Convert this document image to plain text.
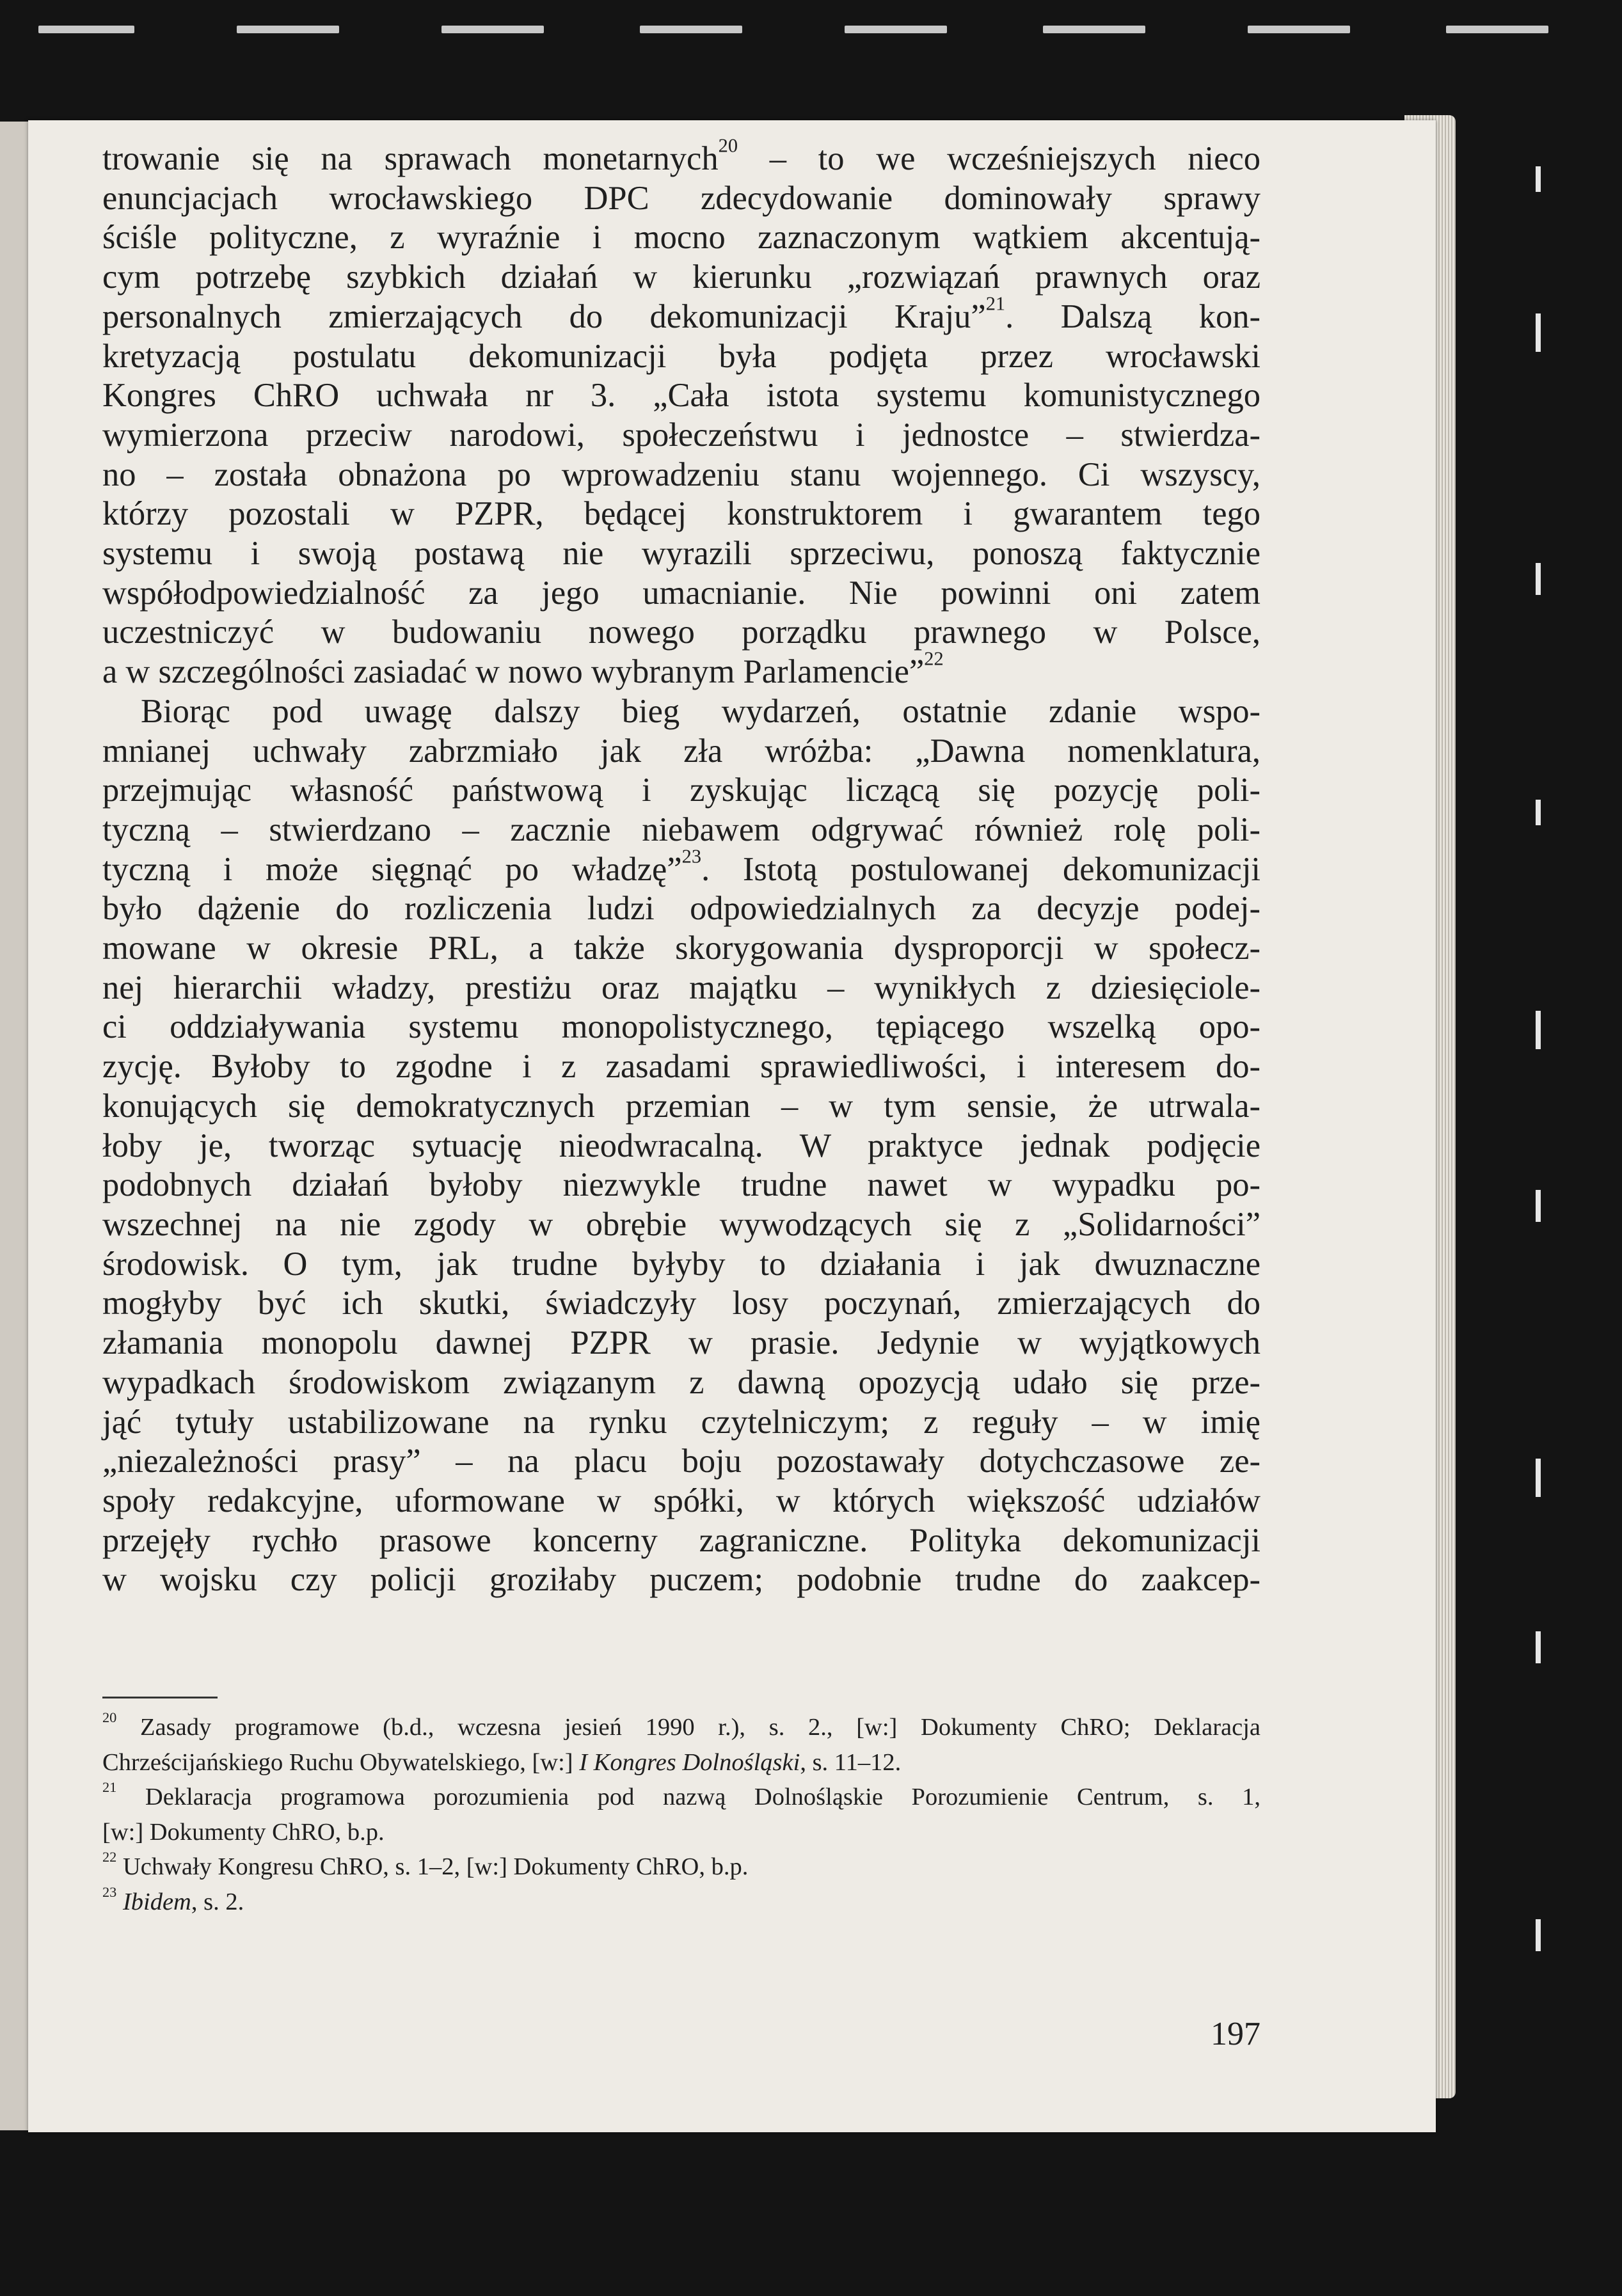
trowanie się na sprawach monetarnych$^{20}$ – to we wcześniejszych nieco
enuncjacjach wrocławskiego DPC zdecydowanie dominowały sprawy
ściśle polityczne, z wyraźnie i mocno zaznaczonym wątkiem akcentują-
cym potrzebę szybkich działań w kierunku „rozwiązań prawnych oraz
personalnych zmierzających do dekomunizacji Kraju”$^{21}$. Dalszą kon-
kretyzacją postulatu dekomunizacji była podjęta przez wrocławski
Kongres ChRO uchwała nr 3. „Cała istota systemu komunistycznego
wymierzona przeciw narodowi, społeczeństwu i jednostce – stwierdza-
no – została obnażona po wprowadzeniu stanu wojennego. Ci wszyscy,
którzy pozostali w PZPR, będącej konstruktorem i gwarantem tego
systemu i swoją postawą nie wyrazili sprzeciwu, ponoszą faktycznie
współodpowiedzialność za jego umacnianie. Nie powinni oni zatem
uczestniczyć w budowaniu nowego porządku prawnego w Polsce,
a w szczególności zasiadać w nowo wybranym Parlamencie”$^{22}$
Biorąc pod uwagę dalszy bieg wydarzeń, ostatnie zdanie wspo-
mnianej uchwały zabrzmiało jak zła wróżba: „Dawna nomenklatura,
przejmując własność państwową i zyskując liczącą się pozycję poli-
tyczną – stwierdzano – zacznie niebawem odgrywać również rolę poli-
tyczną i może sięgnąć po władzę”$^{23}$. Istotą postulowanej dekomunizacji
było dążenie do rozliczenia ludzi odpowiedzialnych za decyzje podej-
mowane w okresie PRL, a także skorygowania dysproporcji w społecz-
nej hierarchii władzy, prestiżu oraz majątku – wynikłych z dziesięciole-
ci oddziaływania systemu monopolistycznego, tępiącego wszelką opo-
zycję. Byłoby to zgodne i z zasadami sprawiedliwości, i interesem do-
konujących się demokratycznych przemian – w tym sensie, że utrwala-
łoby je, tworząc sytuację nieodwracalną. W praktyce jednak podjęcie
podobnych działań byłoby niezwykle trudne nawet w wypadku po-
wszechnej na nie zgody w obrębie wywodzących się z „Solidarności”
środowisk. O tym, jak trudne byłyby to działania i jak dwuznaczne
mogłyby być ich skutki, świadczyły losy poczynań, zmierzających do
złamania monopolu dawnej PZPR w prasie. Jedynie w wyjątkowych
wypadkach środowiskom związanym z dawną opozycją udało się prze-
jąć tytuły ustabilizowane na rynku czytelniczym; z reguły – w imię
„niezależności prasy” – na placu boju pozostawały dotychczasowe ze-
społy redakcyjne, uformowane w spółki, w których większość udziałów
przejęły rychło prasowe koncerny zagraniczne. Polityka dekomunizacji
w wojsku czy policji groziłaby puczem; podobnie trudne do zaakcep-
$^{20}$ Zasady programowe (b.d., wczesna jesień 1990 r.), s. 2., [w:] Dokumenty ChRO; Deklaracja
Chrześcijańskiego Ruchu Obywatelskiego, [w:] I Kongres Dolnośląski, s. 11–12.
$^{21}$ Deklaracja programowa porozumienia pod nazwą Dolnośląskie Porozumienie Centrum, s. 1,
[w:] Dokumenty ChRO, b.p.
$^{22}$ Uchwały Kongresu ChRO, s. 1–2, [w:] Dokumenty ChRO, b.p.
$^{23}$ Ibidem, s. 2.
197
